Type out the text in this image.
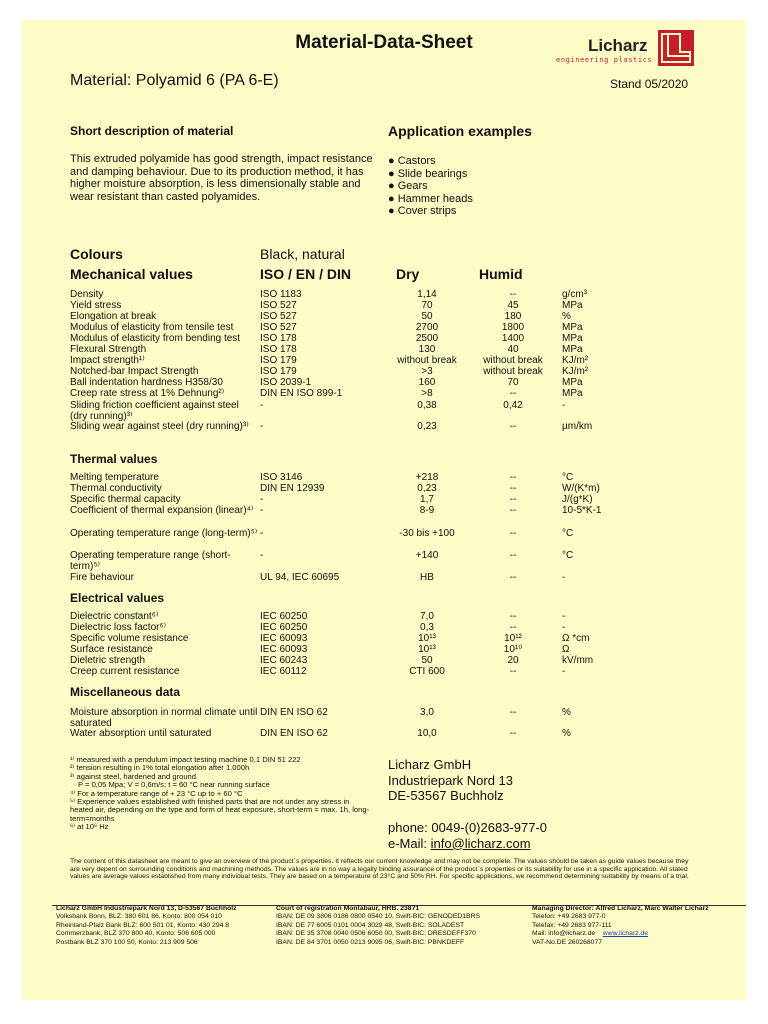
Material-Data-Sheet	Licharz
engineering plastics
Material: Polyamid 6 (PA 6-E)	Stand 05/2020
Short description of material
This extruded polyamide has good strength, impact resistance and damping behaviour. Due to its production method, it has higher moisture absorption, is less dimensionally stable and wear resistant than casted polyamides.
Application examples
● Castors
● Slide bearings
● Gears
● Hammer heads
● Cover strips
Colours	Black, natural
Mechanical values	ISO / EN / DIN	Dry	Humid
Density	ISO 1183	1,14	--	g/cm³
Yield stress	ISO 527	70	45	MPa
Elongation at break	ISO 527	50	180	%
Modulus of elasticity from tensile test	ISO 527	2700	1800	MPa
Modulus of elasticity from bending test	ISO 178	2500	1400	MPa
Flexural Strength	ISO 178	130	40	MPa
Impact strength¹⁾	ISO 179	without break	without break	KJ/m²
Notched-bar Impact Strength	ISO 179	>3	without break	KJ/m²
Ball indentation hardness H358/30	ISO 2039-1	160	70	MPa
Creep rate stress at 1% Dehnung²⁾	DIN EN ISO 899-1	>8	--	MPa
Sliding friction coefficient against steel (dry running)³⁾
-	0,38	0,42	-
Sliding wear against steel (dry running)³⁾	-	0,23	--	µm/km
Thermal values
Melting temperature	ISO 3146	+218	--	°C
Thermal conductivity	DIN EN 12939	0,23	--	W/(K*m)
Specific thermal capacity	-	1,7	--	J/(g*K)
Coefficient of thermal expansion (linear)⁴⁾ -	8-9	--	10-5*K-1
Operating temperature range (long-term)⁵⁾ -	-30 bis +100	--	°C
Operating temperature range (short-term)⁵⁾
-	+140	--	°C
Fire behaviour	UL 94, IEC 60695	HB	--	-
Electrical values
Dielectric constant⁶⁾	IEC 60250	7,0	--	-
Dielectric loss factor⁶⁾	IEC 60250	0,3	--	-
Specific volume resistance	IEC 60093	10¹³	10¹²	Ω *cm
Surface resistance	IEC 60093	10¹³	10¹⁰	Ω
Dieletric strength	IEC 60243	50	20	kV/mm
Creep current resistance	IEC 60112	CTI 600	--	-
Miscellaneous data
Moisture absorption in normal climate until saturated
DIN EN ISO 62	3,0	--	%
Water absorption until saturated	DIN EN ISO 62	10,0	--	%
¹⁾ measured with a pendulum impact testing machine 0,1 DIN 51 222
²⁾ tension resulting in 1% total elongation after 1.000h
³⁾ against steel, hardened and ground
P = 0,05 Mpa; V = 0,6m/s; t = 60 °C near running surface
⁴⁾ For a temperature range of + 23 °C up to + 60 °C
⁵⁾ Experience values established with finished parts that are not under any stress in heated air, depending on the type and form of heat exposure, short-term = max. 1h, long-term=months
⁶⁾ at 10⁶ Hz
Licharz GmbH
Industriepark Nord 13
DE-53567 Buchholz
phone: 0049-(0)2683-977-0
e-Mail: info@licharz.com
The content of this datasheet are meant to give an overview of the product´s properties. It reflects our current knowledge and may not be complete. The values should be taken as guide values because they are very depent on surrounding conditions and machining methods. The values are in no way a legally binding assurance of the product´s properties or its suitability for use in a specific application. All stated values are average values established from many individual tests. They are based on a temperature of 23°C and 50% RH. For specific applications, we recommend determining suitability by means of a trial.
Licharz GmbH Industriepark Nord 13, D-53567 Buchholz
Volksbank Bonn, BLZ: 380 601 86, Konto: 800 054 010
Rheinland-Pfalz Bank BLZ: 600 501 01, Konto: 430 294 8
Commerzbank, BLZ 370 800 40, Konto: 506 605 000
Postbank BLZ 370 100 50, Konto: 213 909 506
Court of registration Montabaur, HRB. 23871
IBAN: DE 09 3806 0186 0800 0540 10, Swift-BIC: GENODED1BRS
IBAN: DE 77 6005 0101 0004 3029 48, Swift-BIC: SOLADEST
IBAN: DE 35 3708 0040 0506 6050 00, Swift-BIC: DRESDEFF370
IBAN: DE 84 3701 0050 0213 9095 06, Swift-BIC: PBNKDEFF
Managing Director: Alfred Licharz, Marc Walter Licharz
Telefon: +49 2683 977-0
Telefax: +49 2683 977-111
Mail: info@licharz.de www.licharz.de
VAT-No.DE 260268077
